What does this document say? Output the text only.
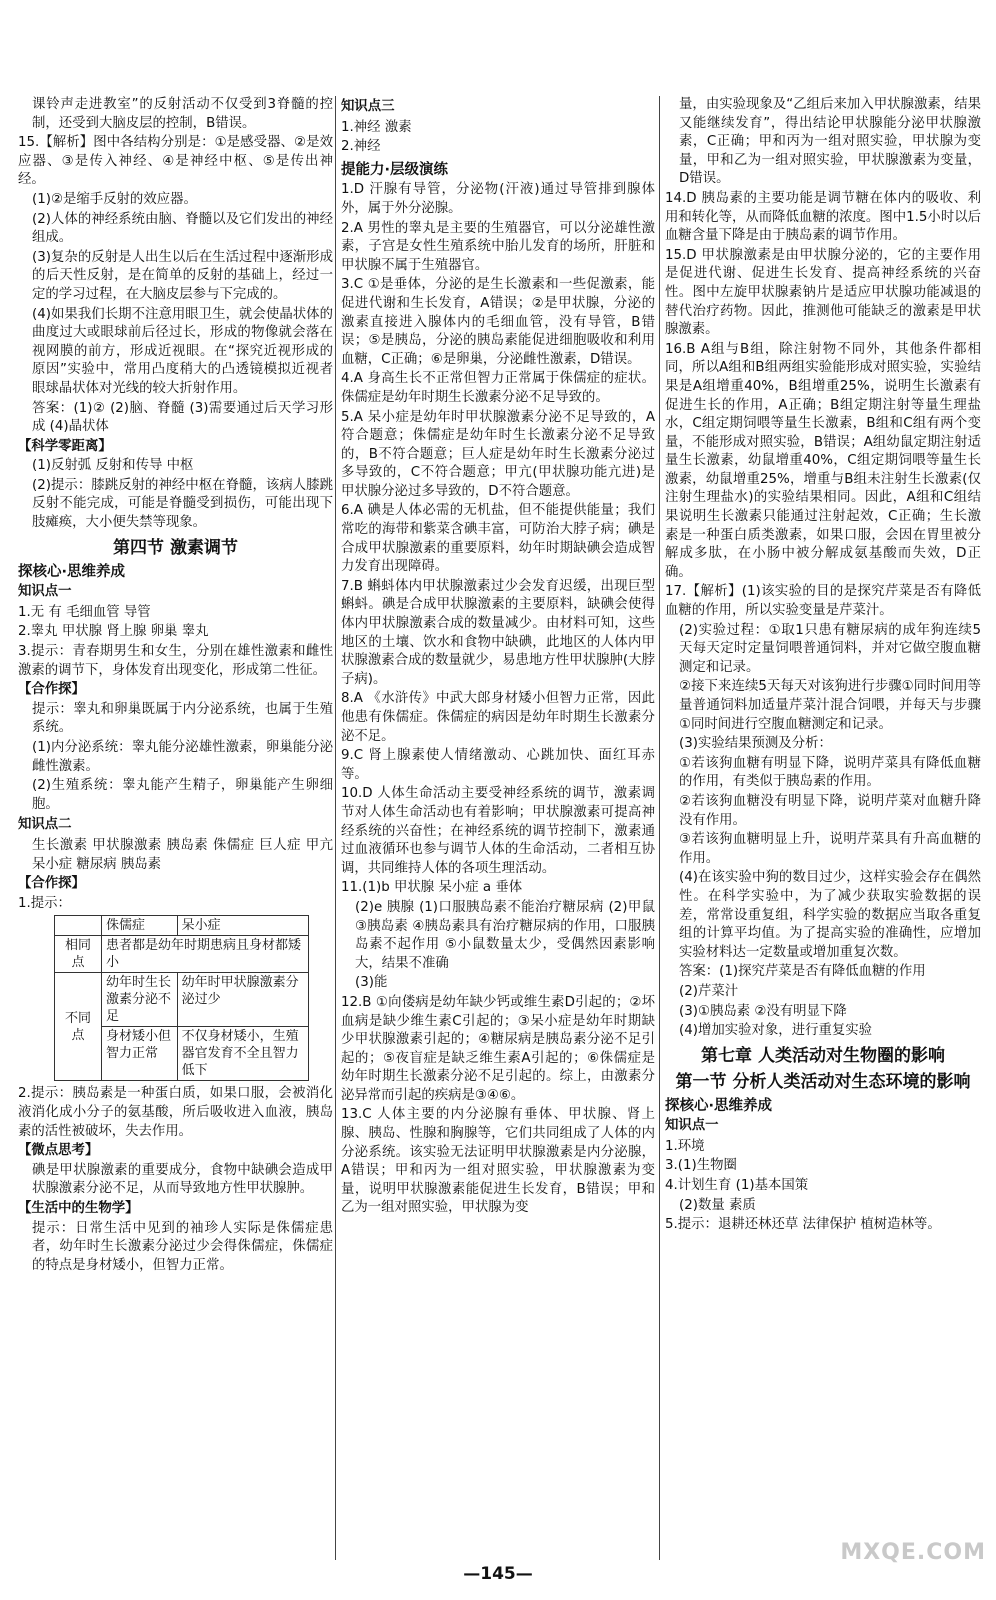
课铃声走进教室”的反射活动不仅受到3脊髓的控制，还受到大脑皮层的控制，B错误。
15.【解析】图中各结构分别是：①是感受器、②是效应器、③是传入神经、④是神经中枢、⑤是传出神经。
(1)②是缩手反射的效应器。
(2)人体的神经系统由脑、脊髓以及它们发出的神经组成。
(3)复杂的反射是人出生以后在生活过程中逐渐形成的后天性反射，是在简单的反射的基础上，经过一定的学习过程，在大脑皮层参与下完成的。
(4)如果我们长期不注意用眼卫生，就会使晶状体的曲度过大或眼球前后径过长，形成的物像就会落在视网膜的前方，形成近视眼。在“探究近视形成的原因”实验中，常用凸度稍大的凸透镜模拟近视者眼球晶状体对光线的较大折射作用。
答案：(1)② (2)脑、脊髓 (3)需要通过后天学习形成 (4)晶状体
【科学零距离】
(1)反射弧 反射和传导 中枢
(2)提示：膝跳反射的神经中枢在脊髓，该病人膝跳反射不能完成，可能是脊髓受到损伤，可能出现下肢瘫痪，大小便失禁等现象。
第四节 激素调节
探核心·思维养成
知识点一
1.无 有 毛细血管 导管
2.睾丸 甲状腺 肾上腺 卵巢 睾丸
3.提示：青春期男生和女生，分别在雄性激素和雌性激素的调节下，身体发育出现变化，形成第二性征。
【合作探】
提示：睾丸和卵巢既属于内分泌系统，也属于生殖系统。
(1)内分泌系统：睾丸能分泌雄性激素，卵巢能分泌雌性激素。
(2)生殖系统：睾丸能产生精子，卵巢能产生卵细胞。
知识点二
生长激素 甲状腺激素 胰岛素 侏儒症 巨人症 甲亢 呆小症 糖尿病 胰岛素
【合作探】
1.提示：
	侏儒症	呆小症
相同点	患者都是幼年时期患病且身材都矮小	
不同点	幼年时生长激素分泌不足	幼年时甲状腺激素分泌过少
	身材矮小但智力正常	不仅身材矮小，生殖器官发育不全且智力低下
2.提示：胰岛素是一种蛋白质，如果口服，会被消化液消化成小分子的氨基酸，所后吸收进入血液，胰岛素的活性被破坏，失去作用。
【微点思考】
碘是甲状腺激素的重要成分，食物中缺碘会造成甲状腺激素分泌不足，从而导致地方性甲状腺肿。
【生活中的生物学】
提示：日常生活中见到的袖珍人实际是侏儒症患者，幼年时生长激素分泌过少会得侏儒症，侏儒症的特点是身材矮小，但智力正常。
知识点三
1.神经 激素
2.神经
提能力·层级演练
1.D 汗腺有导管，分泌物(汗液)通过导管排到腺体外，属于外分泌腺。
2.A 男性的睾丸是主要的生殖器官，可以分泌雄性激素，子宫是女性生殖系统中胎儿发育的场所，肝脏和甲状腺不属于生殖器官。
3.C ①是垂体，分泌的是生长激素和一些促激素，能促进代谢和生长发育，A错误；②是甲状腺，分泌的激素直接进入腺体内的毛细血管，没有导管，B错误；⑤是胰岛，分泌的胰岛素能促进细胞吸收和利用血糖，C正确；⑥是卵巢，分泌雌性激素，D错误。
4.A 身高生长不正常但智力正常属于侏儒症的症状。侏儒症是幼年时期生长激素分泌不足导致的。
5.A 呆小症是幼年时甲状腺激素分泌不足导致的，A符合题意；侏儒症是幼年时生长激素分泌不足导致的，B不符合题意；巨人症是幼年时生长激素分泌过多导致的，C不符合题意；甲亢(甲状腺功能亢进)是甲状腺分泌过多导致的，D不符合题意。
6.A 碘是人体必需的无机盐，但不能提供能量；我们常吃的海带和紫菜含碘丰富，可防治大脖子病；碘是合成甲状腺激素的重要原料，幼年时期缺碘会造成智力发育出现障碍。
7.B 蝌蚪体内甲状腺激素过少会发育迟缓，出现巨型蝌蚪。碘是合成甲状腺激素的主要原料，缺碘会使得体内甲状腺激素合成的数量减少。由材料可知，这些地区的土壤、饮水和食物中缺碘，此地区的人体内甲状腺激素合成的数量就少，易患地方性甲状腺肿(大脖子病)。
8.A 《水浒传》中武大郎身材矮小但智力正常，因此他患有侏儒症。侏儒症的病因是幼年时期生长激素分泌不足。
9.C 肾上腺素使人情绪激动、心跳加快、面红耳赤等。
10.D 人体生命活动主要受神经系统的调节，激素调节对人体生命活动也有着影响；甲状腺激素可提高神经系统的兴奋性；在神经系统的调节控制下，激素通过血液循环也参与调节人体的生命活动，二者相互协调，共同维持人体的各项生理活动。
11.(1)b 甲状腺 呆小症 a 垂体
(2)e 胰腺 (1)口服胰岛素不能治疗糖尿病 (2)甲鼠 ③胰岛素 ④胰岛素具有治疗糖尿病的作用，口服胰岛素不起作用 ⑤小鼠数量太少，受偶然因素影响大，结果不准确
(3)能
12.B ①向偻病是幼年缺少钙或维生素D引起的；②坏血病是缺少维生素C引起的；③呆小症是幼年时期缺少甲状腺激素引起的；④糖尿病是胰岛素分泌不足引起的；⑤夜盲症是缺乏维生素A引起的；⑥侏儒症是幼年时期生长激素分泌不足引起的。综上，由激素分泌异常而引起的疾病是③④⑥。
13.C 人体主要的内分泌腺有垂体、甲状腺、肾上腺、胰岛、性腺和胸腺等，它们共同组成了人体的内分泌系统。该实验无法证明甲状腺激素是内分泌腺，A错误；甲和丙为一组对照实验，甲状腺激素为变量，说明甲状腺激素能促进生长发育，B错误；甲和乙为一组对照实验，甲状腺为变
量，由实验现象及“乙组后来加入甲状腺激素，结果又能继续发育”，得出结论甲状腺能分泌甲状腺激素，C正确；甲和丙为一组对照实验，甲状腺为变量，甲和乙为一组对照实验，甲状腺激素为变量，D错误。
14.D 胰岛素的主要功能是调节糖在体内的吸收、利用和转化等，从而降低血糖的浓度。图中1.5小时以后血糖含量下降是由于胰岛素的调节作用。
15.D 甲状腺激素是由甲状腺分泌的，它的主要作用是促进代谢、促进生长发育、提高神经系统的兴奋性。图中左旋甲状腺素钠片是适应甲状腺功能减退的替代治疗药物。因此，推测他可能缺乏的激素是甲状腺激素。
16.B A组与B组，除注射物不同外，其他条件都相同，所以A组和B组两组实验能形成对照实验，实验结果是A组增重40%，B组增重25%，说明生长激素有促进生长的作用，A正确；B组定期注射等量生理盐水，C组定期饲喂等量生长激素，B组和C组有两个变量，不能形成对照实验，B错误；A组幼鼠定期注射适量生长激素，幼鼠增重40%，C组定期饲喂等量生长激素，幼鼠增重25%，增重与B组未注射生长激素(仅注射生理盐水)的实验结果相同。因此，A组和C组结果说明生长激素只能通过注射起效，C正确；生长激素是一种蛋白质类激素，如果口服，会因在胃里被分解成多肽，在小肠中被分解成氨基酸而失效，D正确。
17.【解析】(1)该实验的目的是探究芹菜是否有降低血糖的作用，所以实验变量是芹菜汁。
(2)实验过程：①取1只患有糖尿病的成年狗连续5天每天定时定量饲喂普通饲料，并对它做空腹血糖测定和记录。
②接下来连续5天每天对该狗进行步骤①同时间用等量普通饲料加适量芹菜汁混合饲喂，并每天与步骤①同时间进行空腹血糖测定和记录。
(3)实验结果预测及分析：
①若该狗血糖有明显下降，说明芹菜具有降低血糖的作用，有类似于胰岛素的作用。
②若该狗血糖没有明显下降，说明芹菜对血糖升降没有作用。
③若该狗血糖明显上升，说明芹菜具有升高血糖的作用。
(4)在该实验中狗的数目过少，这样实验会存在偶然性。在科学实验中，为了减少获取实验数据的误差，常常设重复组，科学实验的数据应当取各重复组的计算平均值。为了提高实验的准确性，应增加实验材料达一定数量或增加重复次数。
答案：(1)探究芹菜是否有降低血糖的作用
(2)芹菜汁
(3)①胰岛素 ②没有明显下降
(4)增加实验对象，进行重复实验
第七章 人类活动对生物圈的影响
第一节 分析人类活动对生态环境的影响
探核心·思维养成
知识点一
1.环境
3.(1)生物圈
4.计划生育 (1)基本国策
(2)数量 素质
5.提示：退耕还林还草 法律保护 植树造林等。
—145—
MXQE.COM
